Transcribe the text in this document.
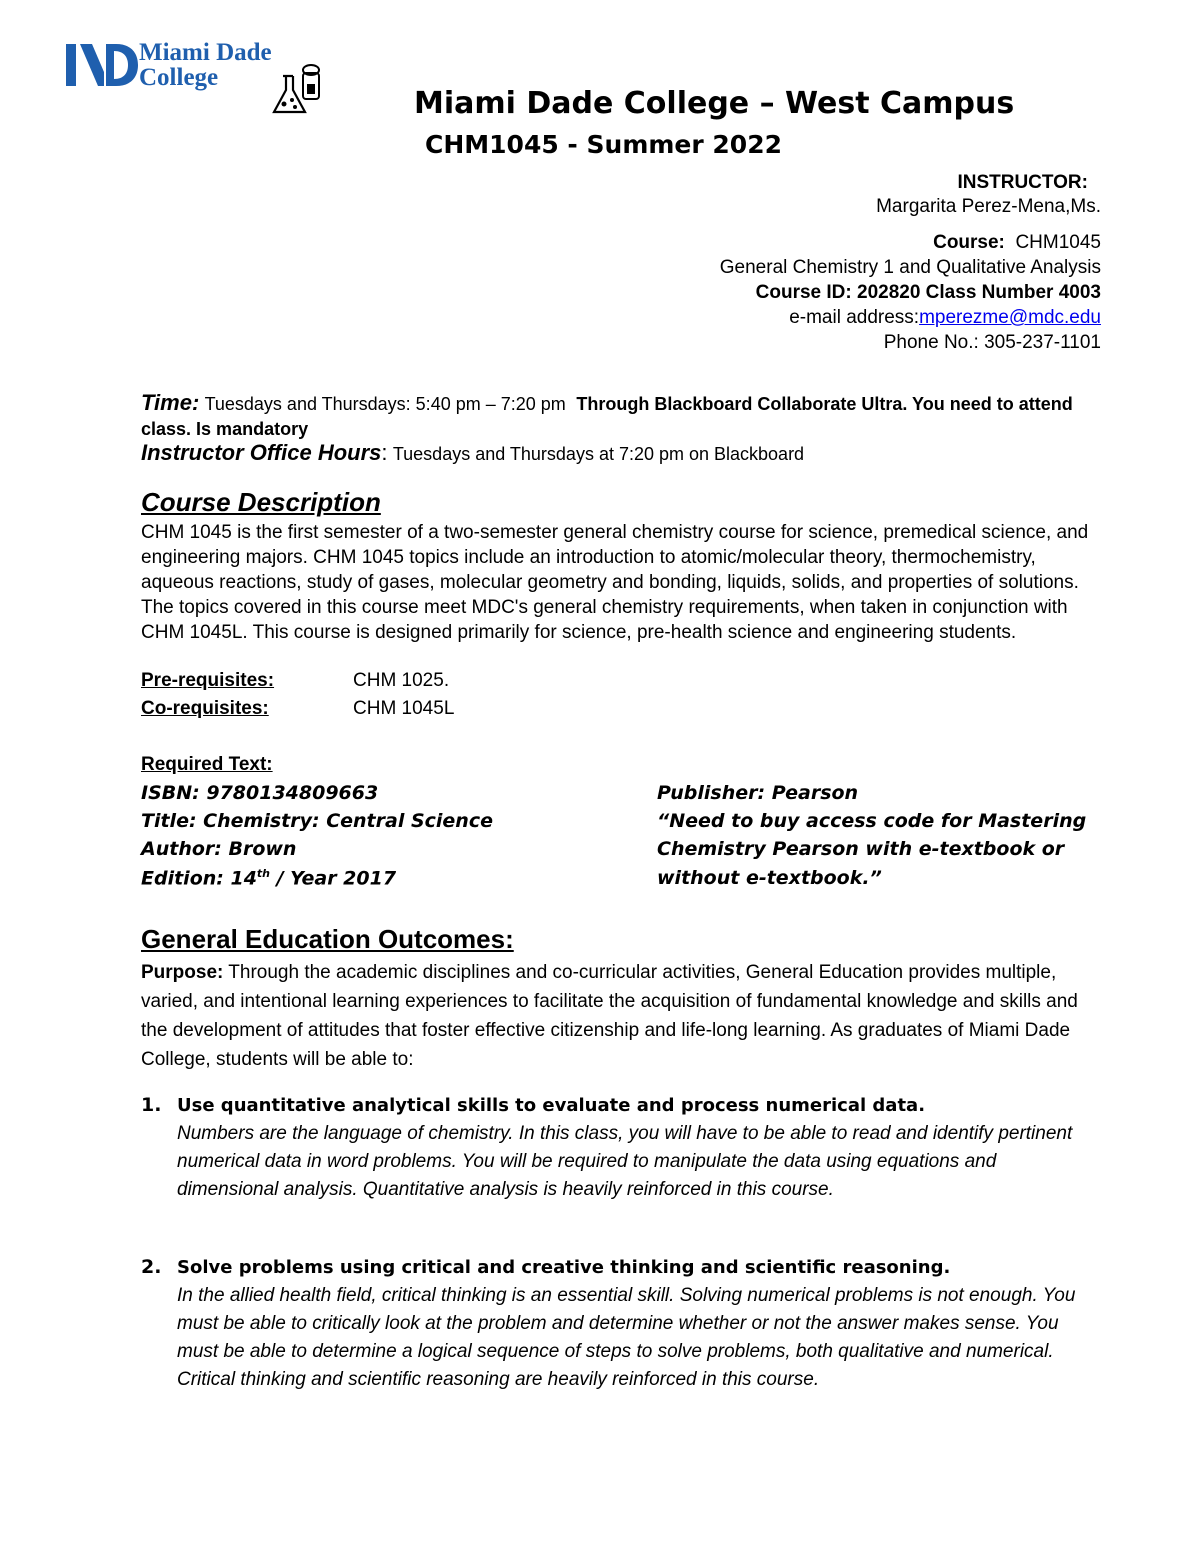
Miami Dade
College
Miami Dade College – West Campus
CHM1045 - Summer 2022
INSTRUCTOR:
Margarita Perez-Mena,Ms.
Course: CHM1045
General Chemistry 1 and Qualitative Analysis
Course ID: 202820 Class Number 4003
e-mail address:mperezme@mdc.edu
Phone No.: 305-237-1101
Time: Tuesdays and Thursdays: 5:40 pm – 7:20 pm Through Blackboard Collaborate Ultra. You need to attend class. Is mandatory
Instructor Office Hours: Tuesdays and Thursdays at 7:20 pm on Blackboard
Course Description
CHM 1045 is the first semester of a two-semester general chemistry course for science, premedical science, and engineering majors. CHM 1045 topics include an introduction to atomic/molecular theory, thermochemistry, aqueous reactions, study of gases, molecular geometry and bonding, liquids, solids, and properties of solutions. The topics covered in this course meet MDC's general chemistry requirements, when taken in conjunction with CHM 1045L. This course is designed primarily for science, pre-health science and engineering students.
Pre-requisites:	CHM 1025.
Co-requisites:	CHM 1045L
Required Text:
ISBN: 9780134809663
Title: Chemistry: Central Science
Author: Brown
Edition: 14th / Year 2017
Publisher: Pearson
“Need to buy access code for Mastering
Chemistry Pearson with e-textbook or
without e-textbook.”
General Education Outcomes:
Purpose: Through the academic disciplines and co-curricular activities, General Education provides multiple, varied, and intentional learning experiences to facilitate the acquisition of fundamental knowledge and skills and the development of attitudes that foster effective citizenship and life-long learning. As graduates of Miami Dade College, students will be able to:
1. Use quantitative analytical skills to evaluate and process numerical data.
Numbers are the language of chemistry. In this class, you will have to be able to read and identify pertinent numerical data in word problems. You will be required to manipulate the data using equations and dimensional analysis. Quantitative analysis is heavily reinforced in this course.
2. Solve problems using critical and creative thinking and scientific reasoning.
In the allied health field, critical thinking is an essential skill. Solving numerical problems is not enough. You must be able to critically look at the problem and determine whether or not the answer makes sense. You must be able to determine a logical sequence of steps to solve problems, both qualitative and numerical. Critical thinking and scientific reasoning are heavily reinforced in this course.
